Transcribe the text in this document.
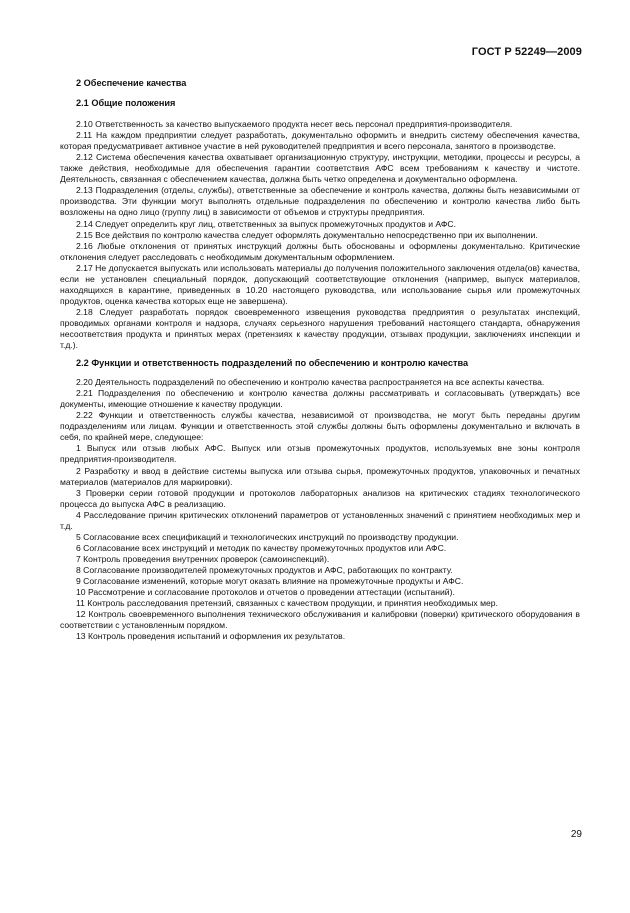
ГОСТ Р 52249—2009
2 Обеспечение качества
2.1 Общие положения

2.10 Ответственность за качество выпускаемого продукта несет весь персонал предприятия-производителя.

2.11 На каждом предприятии следует разработать, документально оформить и внедрить систему обеспечения качества, которая предусматривает активное участие в ней руководителей предприятия и всего персонала, занятого в производстве.

2.12 Система обеспечения качества охватывает организационную структуру, инструкции, методики, процессы и ресурсы, а также действия, необходимые для обеспечения гарантии соответствия АФС всем требованиям к качеству и чистоте. Деятельность, связанная с обеспечением качества, должна быть четко определена и документально оформлена.

2.13 Подразделения (отделы, службы), ответственные за обеспечение и контроль качества, должны быть независимыми от производства. Эти функции могут выполнять отдельные подразделения по обеспечению и контролю качества либо быть возложены на одно лицо (группу лиц) в зависимости от объемов и структуры предприятия.

2.14 Следует определить круг лиц, ответственных за выпуск промежуточных продуктов и АФС.

2.15 Все действия по контролю качества следует оформлять документально непосредственно при их выполнении.

2.16 Любые отклонения от принятых инструкций должны быть обоснованы и оформлены документально. Критические отклонения следует расследовать с необходимым документальным оформлением.

2.17 Не допускается выпускать или использовать материалы до получения положительного заключения отдела(ов) качества, если не установлен специальный порядок, допускающий соответствующие отклонения (например, выпуск материалов, находящихся в карантине, приведенных в 10.20 настоящего руководства, или использование сырья или промежуточных продуктов, оценка качества которых еще не завершена).

2.18 Следует разработать порядок своевременного извещения руководства предприятия о результатах инспекций, проводимых органами контроля и надзора, случаях серьезного нарушения требований настоящего стандарта, обнаружения несоответствия продукта и принятых мерах (претензиях к качеству продукции, отзывах продукции, заключениях инспекции и т.д.).

2.2 Функции и ответственность подразделений по обеспечению и контролю качества

2.20 Деятельность подразделений по обеспечению и контролю качества распространяется на все аспекты качества.

2.21 Подразделения по обеспечению и контролю качества должны рассматривать и согласовывать (утверждать) все документы, имеющие отношение к качеству продукции.

2.22 Функции и ответственность службы качества, независимой от производства, не могут быть переданы другим подразделениям или лицам. Функции и ответственность этой службы должны быть оформлены документально и включать в себя, по крайней мере, следующее:

1 Выпуск или отзыв любых АФС. Выпуск или отзыв промежуточных продуктов, используемых вне зоны контроля предприятия-производителя.

2 Разработку и ввод в действие системы выпуска или отзыва сырья, промежуточных продуктов, упаковочных и печатных материалов (материалов для маркировки).

3 Проверки серии готовой продукции и протоколов лабораторных анализов на критических стадиях технологического процесса до выпуска АФС в реализацию.

4 Расследование причин критических отклонений параметров от установленных значений с принятием необходимых мер и т.д.

5 Согласование всех спецификаций и технологических инструкций по производству продукции.

6 Согласование всех инструкций и методик по качеству промежуточных продуктов или АФС.

7 Контроль проведения внутренних проверок (самоинспекций).

8 Согласование производителей промежуточных продуктов и АФС, работающих по контракту.

9 Согласование изменений, которые могут оказать влияние на промежуточные продукты и АФС.

10 Рассмотрение и согласование протоколов и отчетов о проведении аттестации (испытаний).

11 Контроль расследования претензий, связанных с качеством продукции, и принятия необходимых мер.

12 Контроль своевременного выполнения технического обслуживания и калибровки (поверки) критического оборудования в соответствии с установленным порядком.

13 Контроль проведения испытаний и оформления их результатов.

29
